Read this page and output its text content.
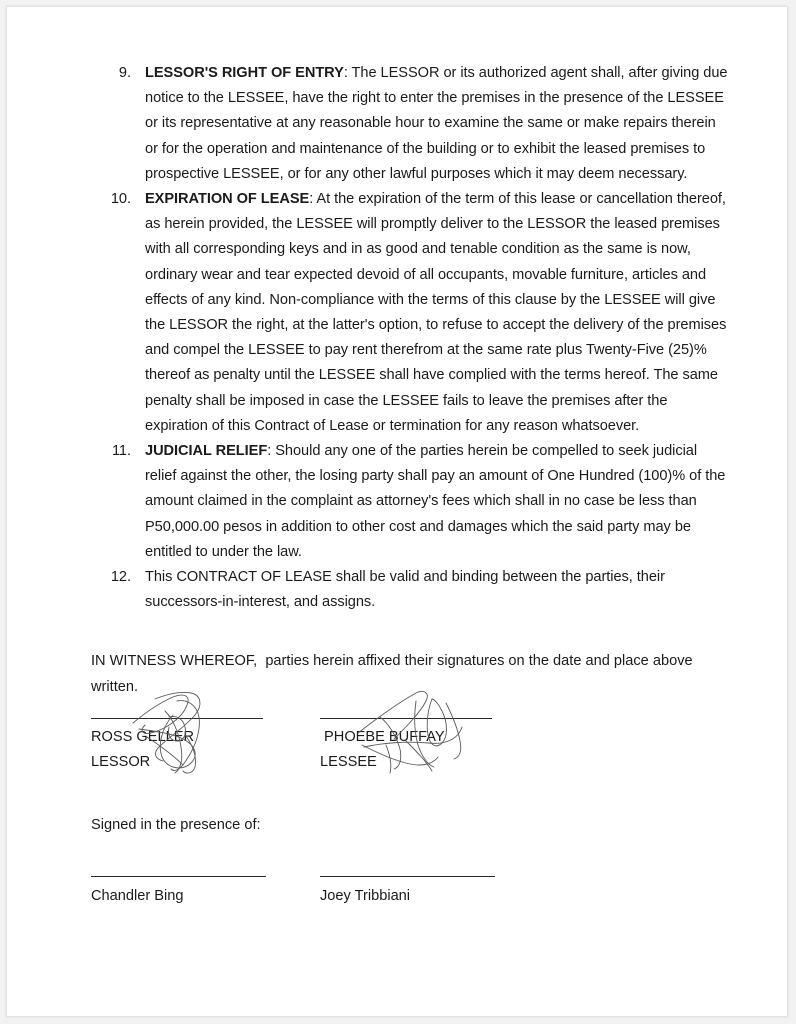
9. LESSOR'S RIGHT OF ENTRY: The LESSOR or its authorized agent shall, after giving due notice to the LESSEE, have the right to enter the premises in the presence of the LESSEE or its representative at any reasonable hour to examine the same or make repairs therein or for the operation and maintenance of the building or to exhibit the leased premises to prospective LESSEE, or for any other lawful purposes which it may deem necessary.
10. EXPIRATION OF LEASE: At the expiration of the term of this lease or cancellation thereof, as herein provided, the LESSEE will promptly deliver to the LESSOR the leased premises with all corresponding keys and in as good and tenable condition as the same is now, ordinary wear and tear expected devoid of all occupants, movable furniture, articles and effects of any kind. Non-compliance with the terms of this clause by the LESSEE will give the LESSOR the right, at the latter's option, to refuse to accept the delivery of the premises and compel the LESSEE to pay rent therefrom at the same rate plus Twenty-Five (25)% thereof as penalty until the LESSEE shall have complied with the terms hereof. The same penalty shall be imposed in case the LESSEE fails to leave the premises after the expiration of this Contract of Lease or termination for any reason whatsoever.
11. JUDICIAL RELIEF: Should any one of the parties herein be compelled to seek judicial relief against the other, the losing party shall pay an amount of One Hundred (100)% of the amount claimed in the complaint as attorney's fees which shall in no case be less than P50,000.00 pesos in addition to other cost and damages which the said party may be entitled to under the law.
12. This CONTRACT OF LEASE shall be valid and binding between the parties, their successors-in-interest, and assigns.
IN WITNESS WHEREOF,  parties herein affixed their signatures on the date and place above written.
ROSS GELLER
LESSOR
PHOEBE BUFFAY
LESSEE
Signed in the presence of:
Chandler Bing	Joey Tribbiani
